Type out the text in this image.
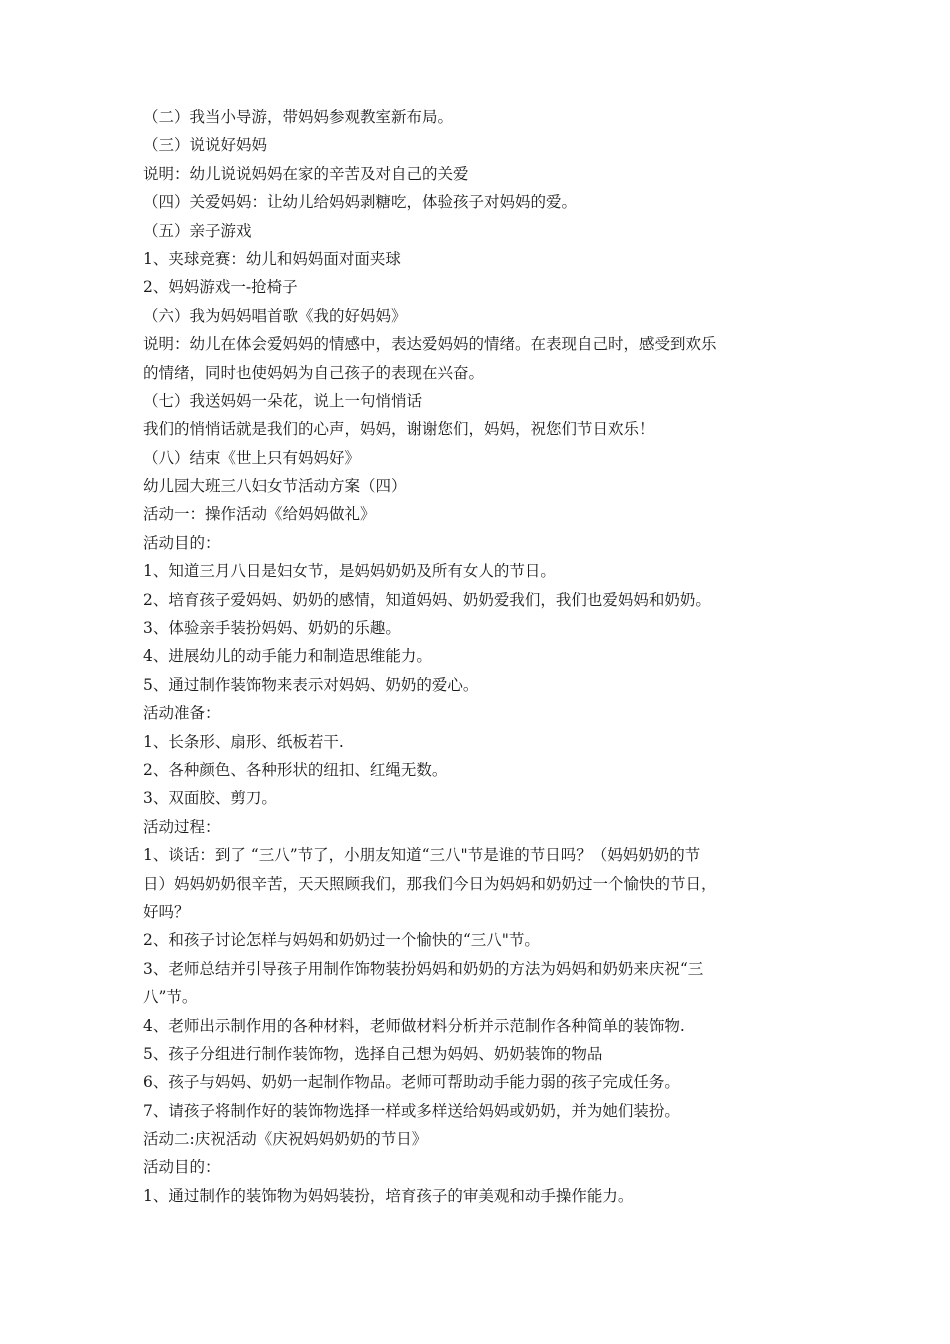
（二）我当小导游，带妈妈参观教室新布局。
（三）说说好妈妈
说明：幼儿说说妈妈在家的辛苦及对自己的关爱
（四）关爱妈妈：让幼儿给妈妈剥糖吃，体验孩子对妈妈的爱。
（五）亲子游戏
1、夹球竞赛：幼儿和妈妈面对面夹球
2、妈妈游戏一-抢椅子
（六）我为妈妈唱首歌《我的好妈妈》
说明：幼儿在体会爱妈妈的情感中，表达爱妈妈的情绪。在表现自己时，感受到欢乐
的情绪，同时也使妈妈为自己孩子的表现在兴奋。
（七）我送妈妈一朵花，说上一句悄悄话
我们的悄悄话就是我们的心声，妈妈，谢谢您们，妈妈，祝您们节日欢乐！
（八）结束《世上只有妈妈好》
幼儿园大班三八妇女节活动方案（四）
活动一：操作活动《给妈妈做礼》
活动目的：
1、知道三月八日是妇女节，是妈妈奶奶及所有女人的节日。
2、培育孩子爱妈妈、奶奶的感情，知道妈妈、奶奶爱我们，我们也爱妈妈和奶奶。
3、体验亲手装扮妈妈、奶奶的乐趣。
4、进展幼儿的动手能力和制造思维能力。
5、通过制作装饰物来表示对妈妈、奶奶的爱心。
活动准备：
1、长条形、扇形、纸板若干.
2、各种颜色、各种形状的纽扣、红绳无数。
3、双面胶、剪刀。
活动过程：
1、谈话：到了 “三八”节了，小朋友知道“三八"节是谁的节日吗？（妈妈奶奶的节
日）妈妈奶奶很辛苦，天天照顾我们，那我们今日为妈妈和奶奶过一个愉快的节日，
好吗？
2、和孩子讨论怎样与妈妈和奶奶过一个愉快的“三八"节。
3、老师总结并引导孩子用制作饰物装扮妈妈和奶奶的方法为妈妈和奶奶来庆祝“三
八”节。
4、老师出示制作用的各种材料，老师做材料分析并示范制作各种简单的装饰物.
5、孩子分组进行制作装饰物，选择自己想为妈妈、奶奶装饰的物品
6、孩子与妈妈、奶奶一起制作物品。老师可帮助动手能力弱的孩子完成任务。
7、请孩子将制作好的装饰物选择一样或多样送给妈妈或奶奶，并为她们装扮。
活动二:庆祝活动《庆祝妈妈奶奶的节日》
活动目的：
1、通过制作的装饰物为妈妈装扮，培育孩子的审美观和动手操作能力。
